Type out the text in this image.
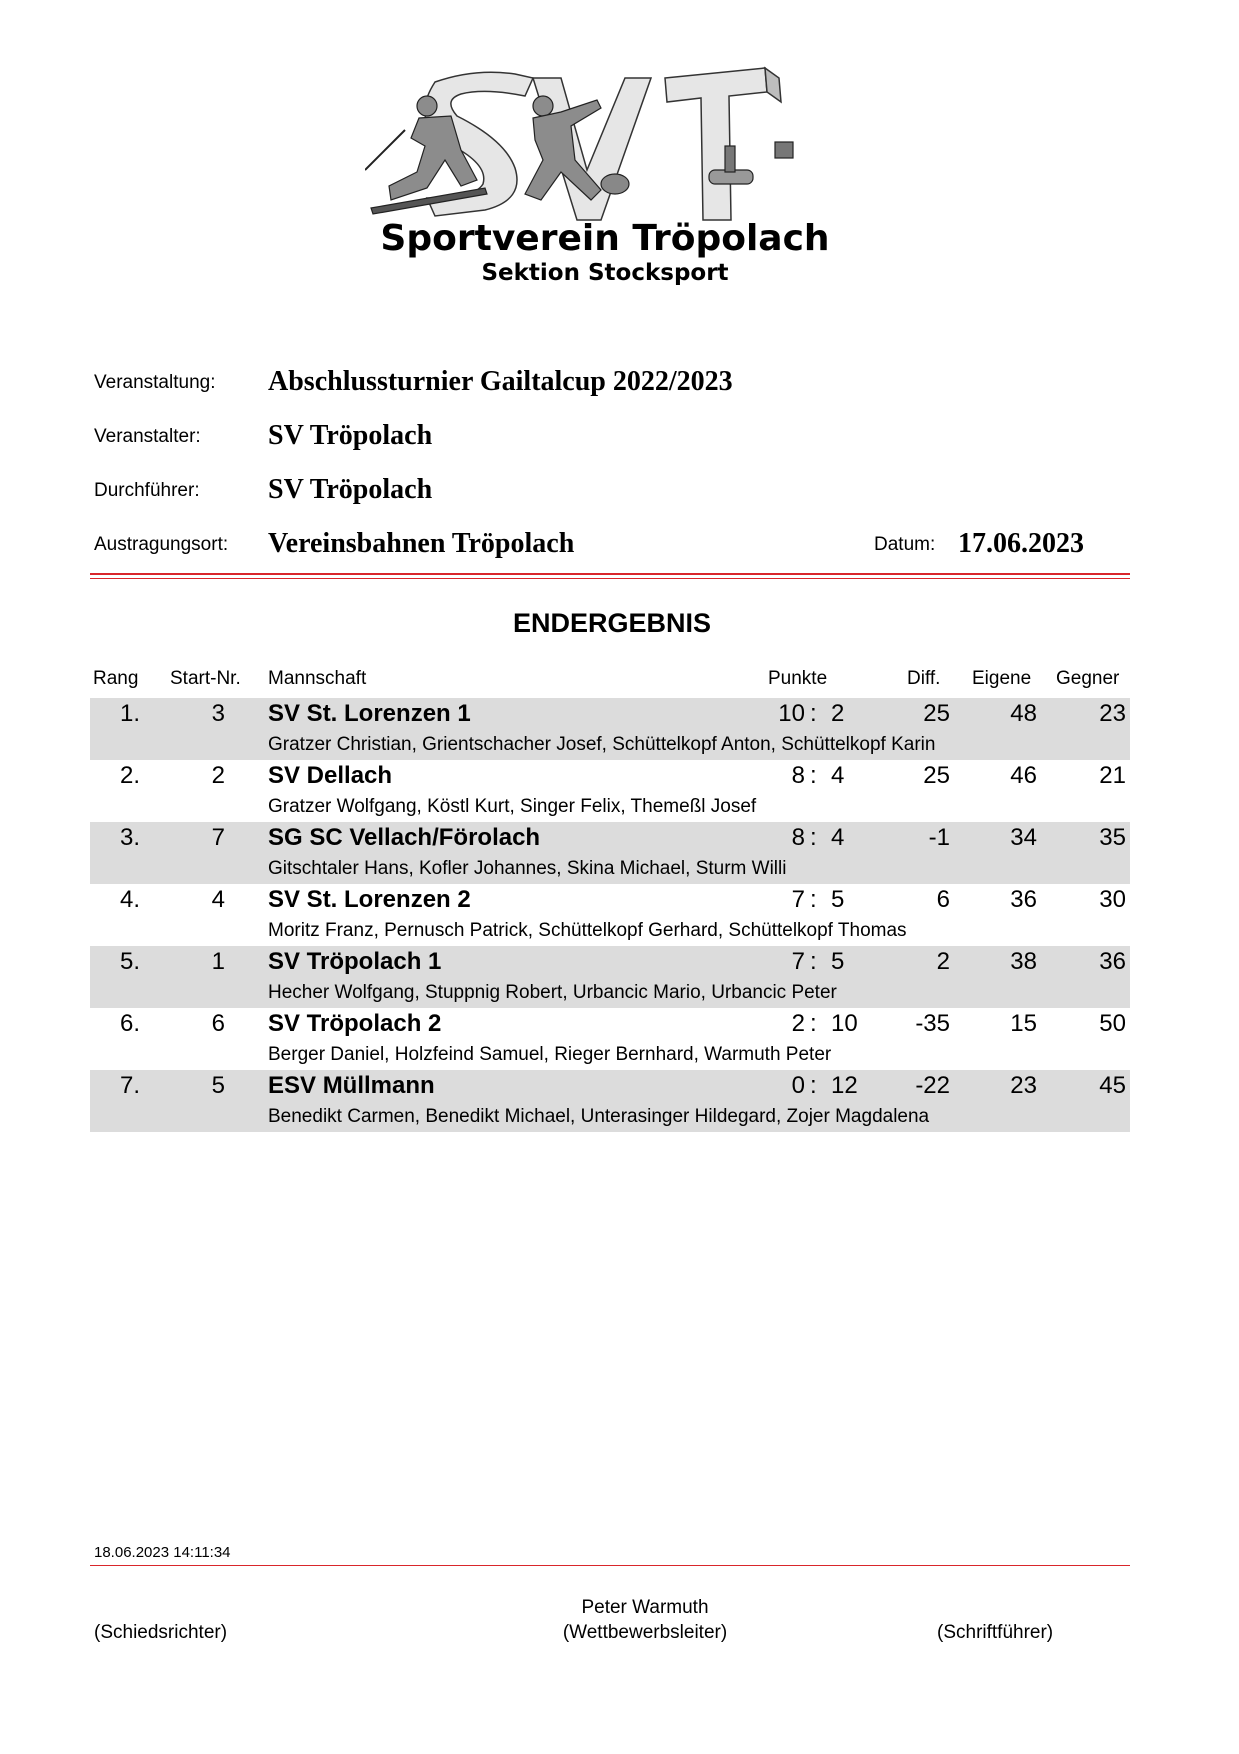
Sportverein Tröpolach
Sektion Stocksport
Veranstaltung: Abschlussturnier Gailtalcup 2022/2023
Veranstalter: SV Tröpolach
Durchführer: SV Tröpolach
Austragungsort: Vereinsbahnen Tröpolach	Datum: 17.06.2023
ENDERGEBNIS
Rang Start-Nr. Mannschaft	Punkte	Diff. Eigene Gegner
1.	3 SV St. Lorenzen 1	10 : 2	25	48	23
Gratzer Christian, Grientschacher Josef, Schüttelkopf Anton, Schüttelkopf Karin
2.	2 SV Dellach	8 : 4	25	46	21
Gratzer Wolfgang, Köstl Kurt, Singer Felix, Themeßl Josef
3.	7 SG SC Vellach/Förolach	8 : 4	-1	34	35
Gitschtaler Hans, Kofler Johannes, Skina Michael, Sturm Willi
4.	4 SV St. Lorenzen 2	7 : 5	6	36	30
Moritz Franz, Pernusch Patrick, Schüttelkopf Gerhard, Schüttelkopf Thomas
5.	1 SV Tröpolach 1	7 : 5	2	38	36
Hecher Wolfgang, Stuppnig Robert, Urbancic Mario, Urbancic Peter
6.	6 SV Tröpolach 2	2 : 10 -35	15	50
Berger Daniel, Holzfeind Samuel, Rieger Bernhard, Warmuth Peter
7.	5 ESV Müllmann	0 : 12 -22	23	45
Benedikt Carmen, Benedikt Michael, Unterasinger Hildegard, Zojer Magdalena
18.06.2023 14:11:34
(Schiedsrichter)
Peter Warmuth
(Wettbewerbsleiter)	(Schriftführer)
